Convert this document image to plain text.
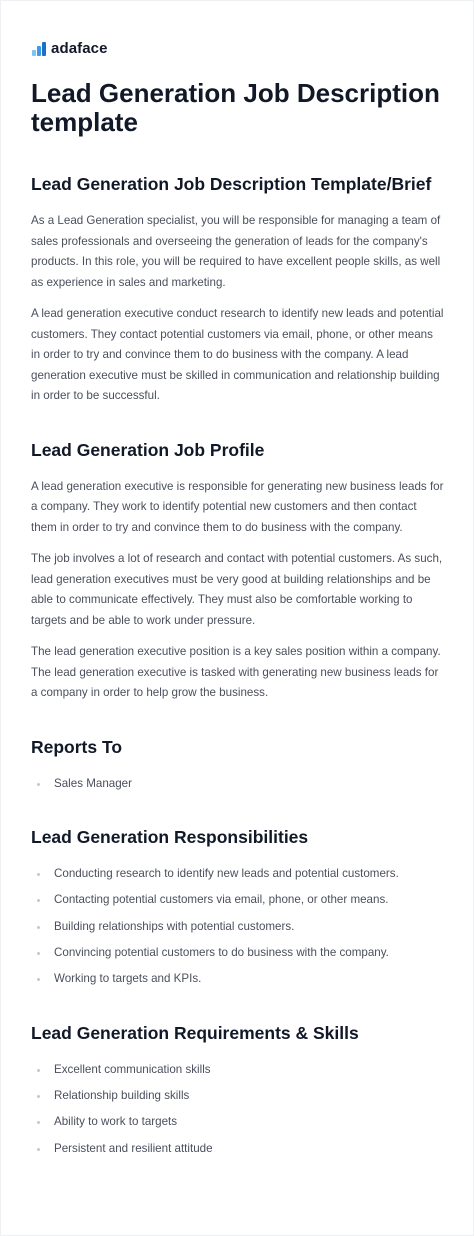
adaface
Lead Generation Job Description template
Lead Generation Job Description Template/Brief

As a Lead Generation specialist, you will be responsible for managing a team of sales professionals and overseeing the generation of leads for the company's products. In this role, you will be required to have excellent people skills, as well as experience in sales and marketing.

A lead generation executive conduct research to identify new leads and potential customers. They contact potential customers via email, phone, or other means in order to try and convince them to do business with the company. A lead generation executive must be skilled in communication and relationship building in order to be successful.

Lead Generation Job Profile

A lead generation executive is responsible for generating new business leads for a company. They work to identify potential new customers and then contact them in order to try and convince them to do business with the company.

The job involves a lot of research and contact with potential customers. As such, lead generation executives must be very good at building relationships and be able to communicate effectively. They must also be comfortable working to targets and be able to work under pressure.

The lead generation executive position is a key sales position within a company. The lead generation executive is tasked with generating new business leads for a company in order to help grow the business.

Reports To
Sales Manager
Lead Generation Responsibilities
Conducting research to identify new leads and potential customers.
Contacting potential customers via email, phone, or other means.
Building relationships with potential customers.
Convincing potential customers to do business with the company.
Working to targets and KPIs.
Lead Generation Requirements & Skills
Excellent communication skills
Relationship building skills
Ability to work to targets
Persistent and resilient attitude
